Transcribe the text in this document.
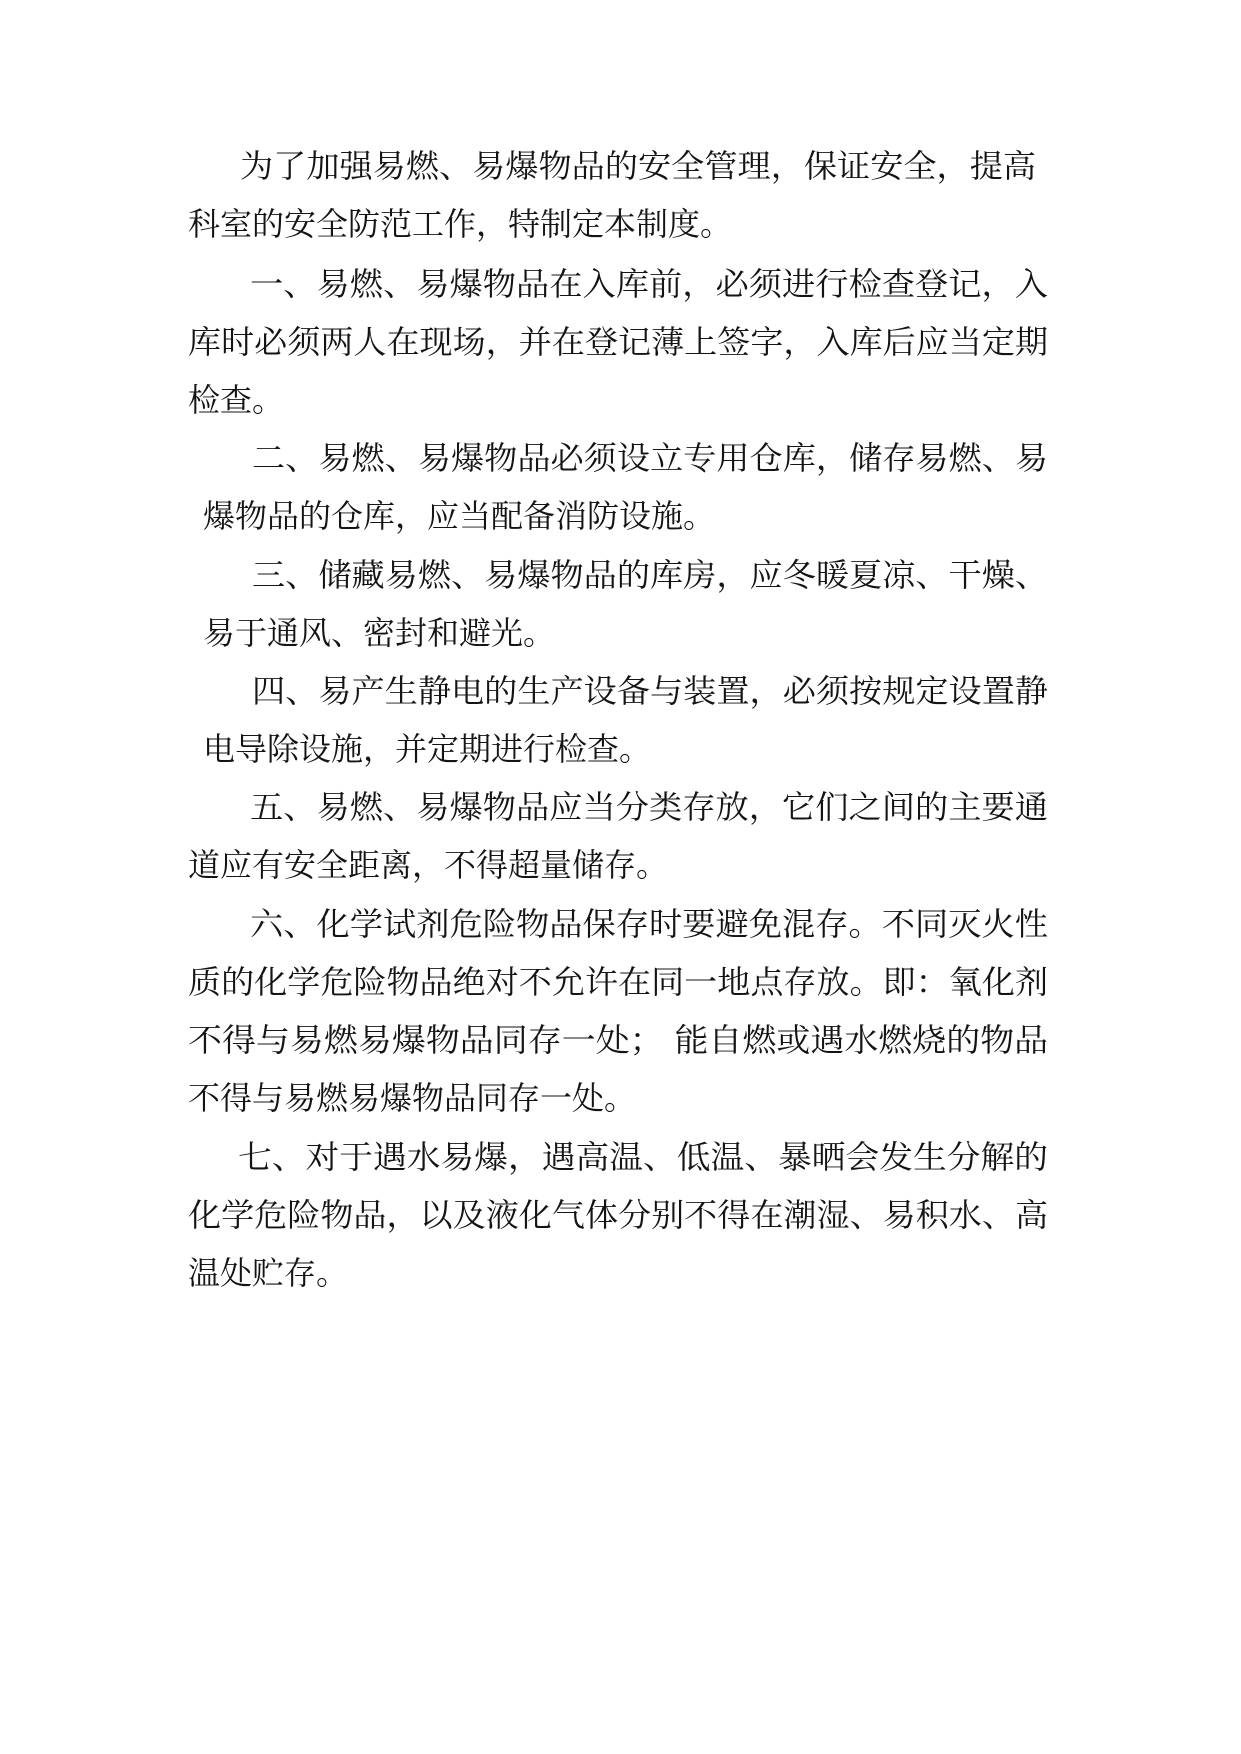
为了加强易燃、易爆物品的安全管理，保证安全，提高
科室的安全防范工作，特制定本制度。
一、易燃、易爆物品在入库前，必须进行检查登记，入
库时必须两人在现场，并在登记薄上签字，入库后应当定期
检查。
二、易燃、易爆物品必须设立专用仓库，储存易燃、易
爆物品的仓库，应当配备消防设施。
三、储藏易燃、易爆物品的库房，应冬暖夏凉、干燥、
易于通风、密封和避光。
四、易产生静电的生产设备与装置，必须按规定设置静
电导除设施，并定期进行检查。
五、易燃、易爆物品应当分类存放，它们之间的主要通
道应有安全距离，不得超量储存。
六、化学试剂危险物品保存时要避免混存。不同灭火性
质的化学危险物品绝对不允许在同一地点存放。即：氧化剂
不得与易燃易爆物品同存一处； 能自燃或遇水燃烧的物品
不得与易燃易爆物品同存一处。
七、对于遇水易爆，遇高温、低温、暴晒会发生分解的
化学危险物品，以及液化气体分别不得在潮湿、易积水、高
温处贮存。
